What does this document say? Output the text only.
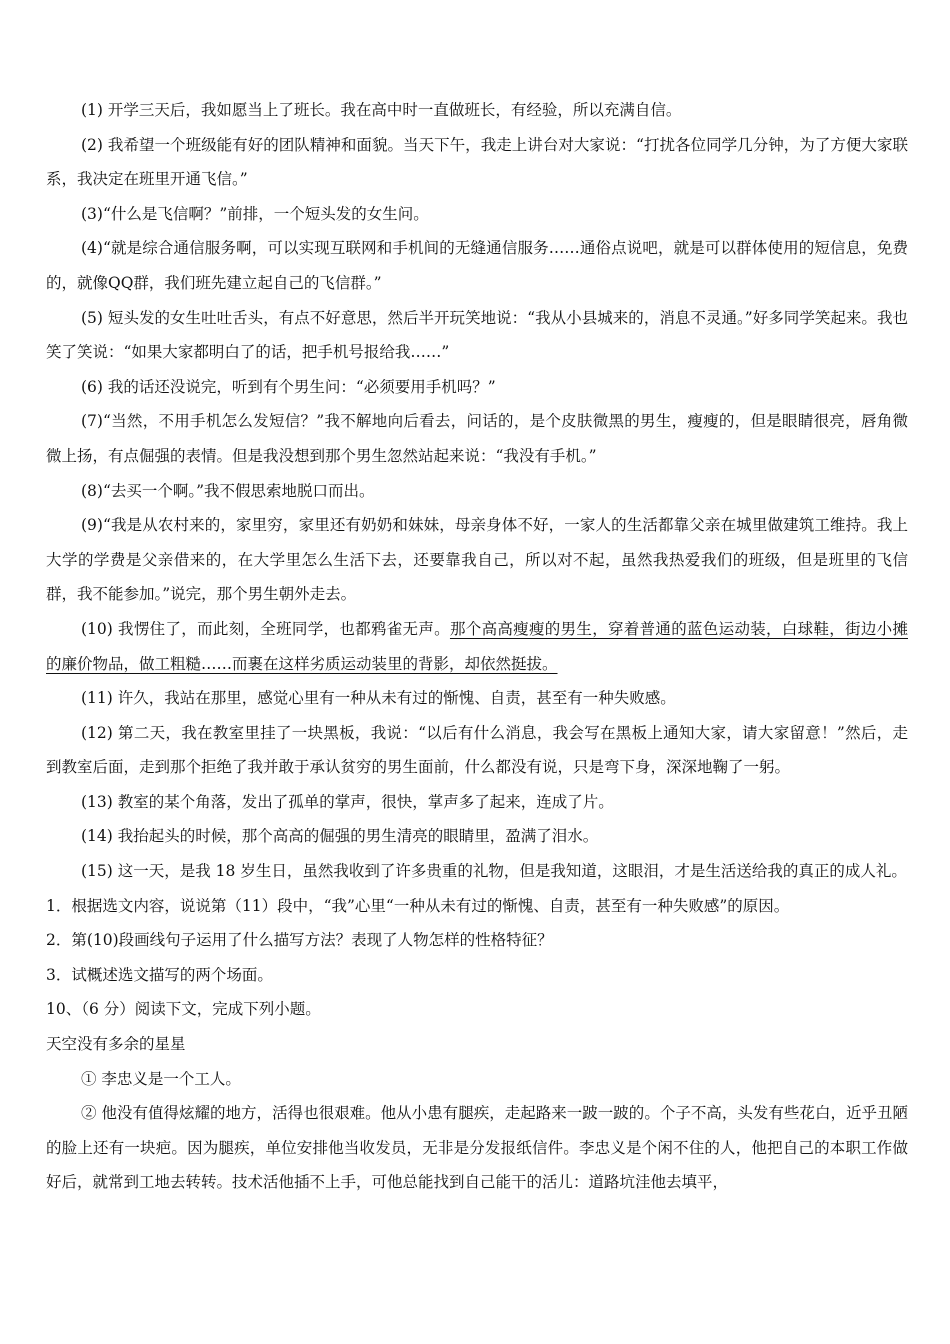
(1) 开学三天后，我如愿当上了班长。我在高中时一直做班长，有经验，所以充满自信。
(2) 我希望一个班级能有好的团队精神和面貌。当天下午，我走上讲台对大家说：“打扰各位同学几分钟，为了方便大家联系，我决定在班里开通飞信。”
(3)“什么是飞信啊？”前排，一个短头发的女生问。
(4)“就是综合通信服务啊，可以实现互联网和手机间的无缝通信服务……通俗点说吧，就是可以群体使用的短信息，免费的，就像QQ群，我们班先建立起自己的飞信群。”
(5) 短头发的女生吐吐舌头，有点不好意思，然后半开玩笑地说：“我从小县城来的，消息不灵通。”好多同学笑起来。我也笑了笑说：“如果大家都明白了的话，把手机号报给我……”
(6) 我的话还没说完，听到有个男生问：“必须要用手机吗？”
(7)“当然，不用手机怎么发短信？”我不解地向后看去，问话的，是个皮肤微黑的男生，瘦瘦的，但是眼睛很亮，唇角微微上扬，有点倔强的表情。但是我没想到那个男生忽然站起来说：“我没有手机。”
(8)“去买一个啊。”我不假思索地脱口而出。
(9)“我是从农村来的，家里穷，家里还有奶奶和妹妹，母亲身体不好，一家人的生活都靠父亲在城里做建筑工维持。我上大学的学费是父亲借来的，在大学里怎么生活下去，还要靠我自己，所以对不起，虽然我热爱我们的班级，但是班里的飞信群，我不能参加。”说完，那个男生朝外走去。
(10) 我愣住了，而此刻，全班同学，也都鸦雀无声。那个高高瘦瘦的男生，穿着普通的蓝色运动装，白球鞋，街边小摊的廉价物品，做工粗糙……而裹在这样劣质运动装里的背影，却依然挺拔。
(11) 许久，我站在那里，感觉心里有一种从未有过的惭愧、自责，甚至有一种失败感。
(12) 第二天，我在教室里挂了一块黑板，我说：“以后有什么消息，我会写在黑板上通知大家，请大家留意！”然后，走到教室后面，走到那个拒绝了我并敢于承认贫穷的男生面前，什么都没有说，只是弯下身，深深地鞠了一躬。
(13) 教室的某个角落，发出了孤单的掌声，很快，掌声多了起来，连成了片。
(14) 我抬起头的时候，那个高高的倔强的男生清亮的眼睛里，盈满了泪水。
(15) 这一天，是我 18 岁生日，虽然我收到了许多贵重的礼物，但是我知道，这眼泪，才是生活送给我的真正的成人礼。
1．根据选文内容，说说第（11）段中，“我”心里“一种从未有过的惭愧、自责，甚至有一种失败感”的原因。
2．第(10)段画线句子运用了什么描写方法？表现了人物怎样的性格特征？
3．试概述选文描写的两个场面。
10、（6 分）阅读下文，完成下列小题。
天空没有多余的星星
① 李忠义是一个工人。
② 他没有值得炫耀的地方，活得也很艰难。他从小患有腿疾，走起路来一跛一跛的。个子不高，头发有些花白，近乎丑陋的脸上还有一块疤。因为腿疾，单位安排他当收发员，无非是分发报纸信件。李忠义是个闲不住的人，他把自己的本职工作做好后，就常到工地去转转。技术活他插不上手，可他总能找到自己能干的活儿：道路坑洼他去填平，
